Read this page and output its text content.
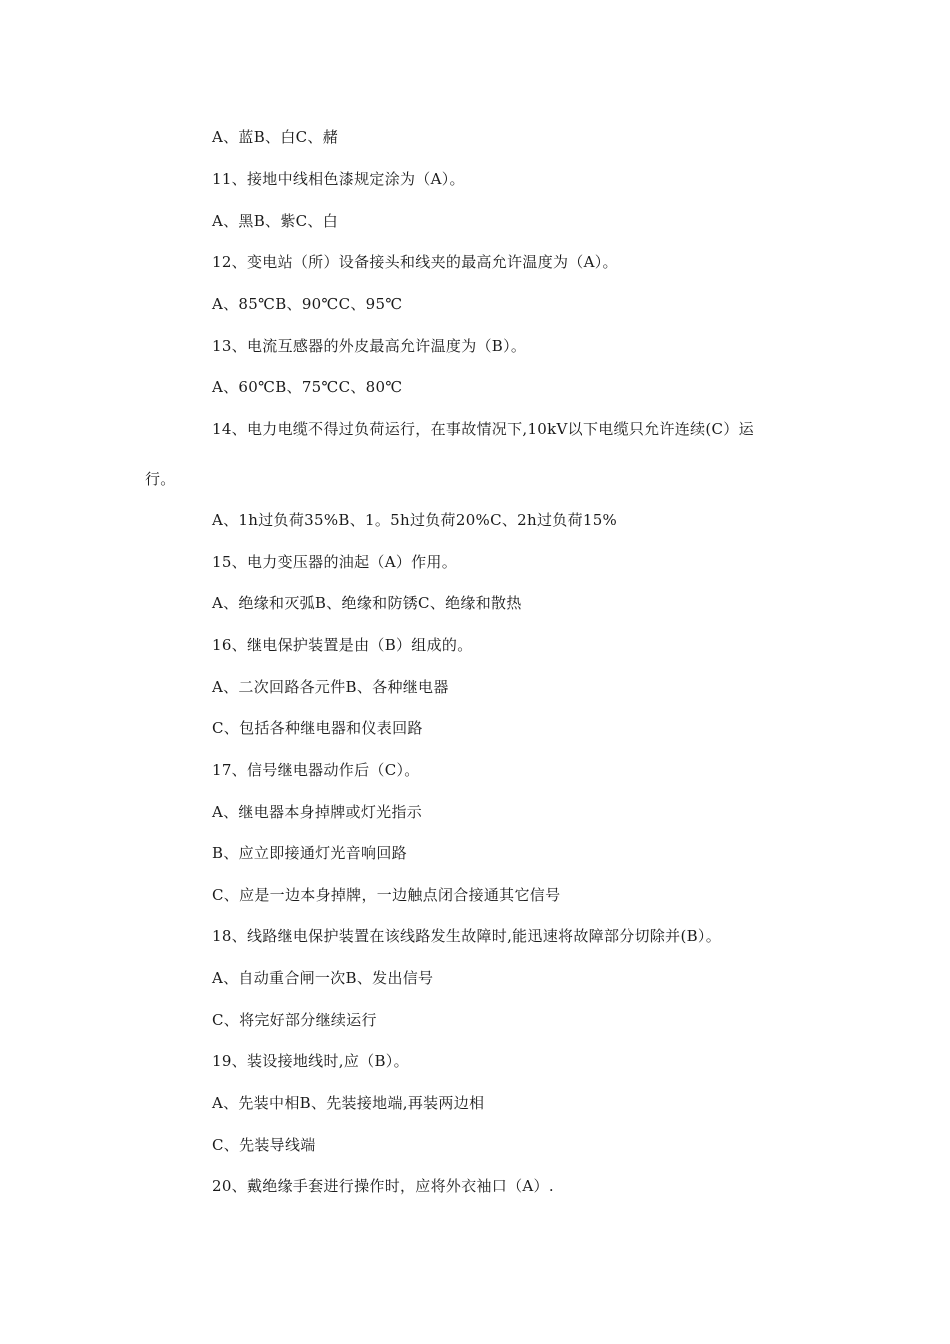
A、蓝B、白C、赭
11、接地中线相色漆规定涂为（A）。
A、黑B、紫C、白
12、变电站（所）设备接头和线夹的最高允许温度为（A）。
A、85℃B、90℃C、95℃
13、电流互感器的外皮最高允许温度为（B）。
A、60℃B、75℃C、80℃
14、电力电缆不得过负荷运行，在事故情况下,10kV以下电缆只允许连续(C）运
行。
A、1h过负荷35%B、1。5h过负荷20%C、2h过负荷15%
15、电力变压器的油起（A）作用。
A、绝缘和灭弧B、绝缘和防锈C、绝缘和散热
16、继电保护装置是由（B）组成的。
A、二次回路各元件B、各种继电器
C、包括各种继电器和仪表回路
17、信号继电器动作后（C）。
A、继电器本身掉牌或灯光指示
B、应立即接通灯光音响回路
C、应是一边本身掉牌，一边触点闭合接通其它信号
18、线路继电保护装置在该线路发生故障时,能迅速将故障部分切除并(B）。
A、自动重合闸一次B、发出信号
C、将完好部分继续运行
19、装设接地线时,应（B）。
A、先装中相B、先装接地端,再装两边相
C、先装导线端
20、戴绝缘手套进行操作时，应将外衣袖口（A）.
